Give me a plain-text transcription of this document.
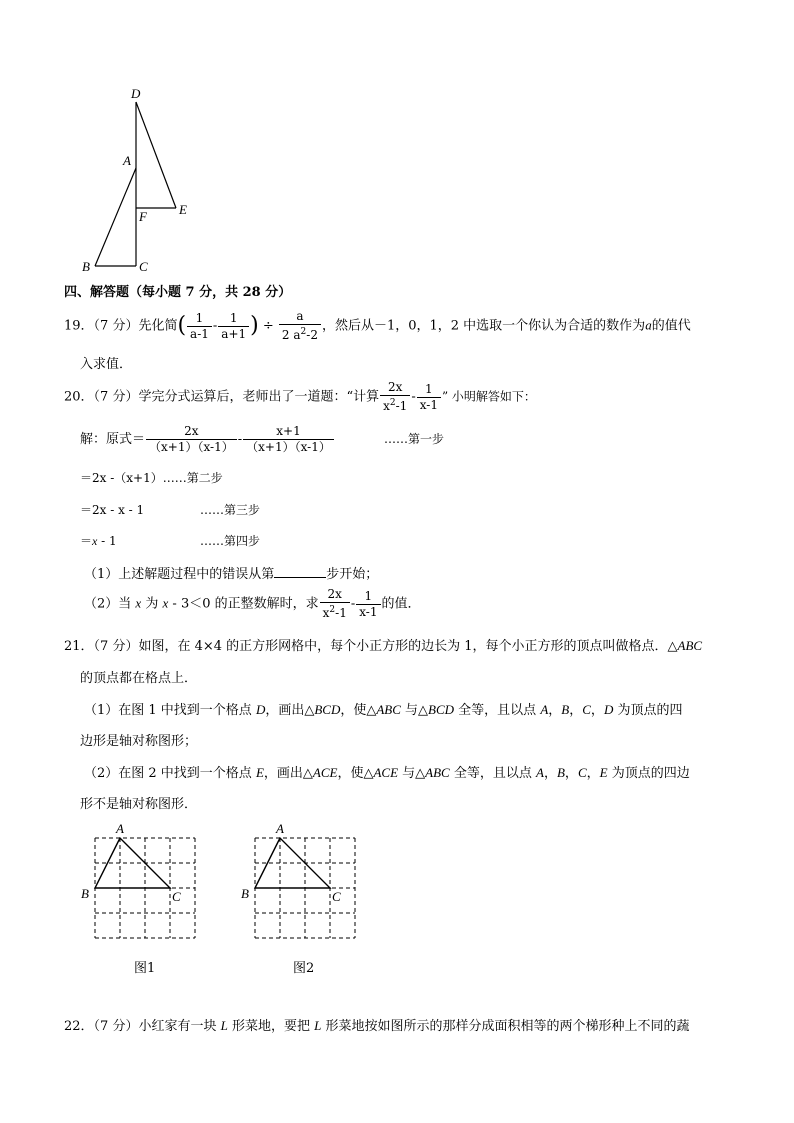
D
A
F E
B	C
四、解答题（每小题 7 分，共 28 分）
19．（7 分）先化简( $\frac{1}{a-1} - \frac{1}{a+1}$ ) ÷ $\frac{a}{2 a^2-2}$ ，然后从－1，0，1，2 中选取一个你认为合适的数作为a的值代
入求值．
20．（7 分）学完分式运算后，老师出了一道题：“计算 $\frac{2x}{x^2-1} - \frac{1}{x-1}$ ” 小明解答如下：
解：原式＝ $\frac{2x}{(x+1)(x-1)} - \frac{x+1}{(x+1)(x-1)}$	……第一步
＝2x -（x+1）……第二步
＝2x - x - 1	……第三步
＝x - 1	……第四步
（1）上述解题过程中的错误从第	步开始；
（2）当 x 为 x - 3＜0 的正整数解时，求 $\frac{2x}{x^2-1} - \frac{1}{x-1}$ 的值．
21．（7 分）如图，在 4×4 的正方形网格中，每个小正方形的边长为 1，每个小正方形的顶点叫做格点．△ABC
的顶点都在格点上．
（1）在图 1 中找到一个格点 D，画出△BCD，使△ABC 与△BCD 全等，且以点 A，B，C，D 为顶点的四
边形是轴对称图形；
（2）在图 2 中找到一个格点 E，画出△ACE，使△ACE 与△ABC 全等，且以点 A，B，C，E 为顶点的四边
形不是轴对称图形．
A
B	C
图1
A
B	C
图2
22．（7 分）小红家有一块 L 形菜地，要把 L 形菜地按如图所示的那样分成面积相等的两个梯形种上不同的蔬
